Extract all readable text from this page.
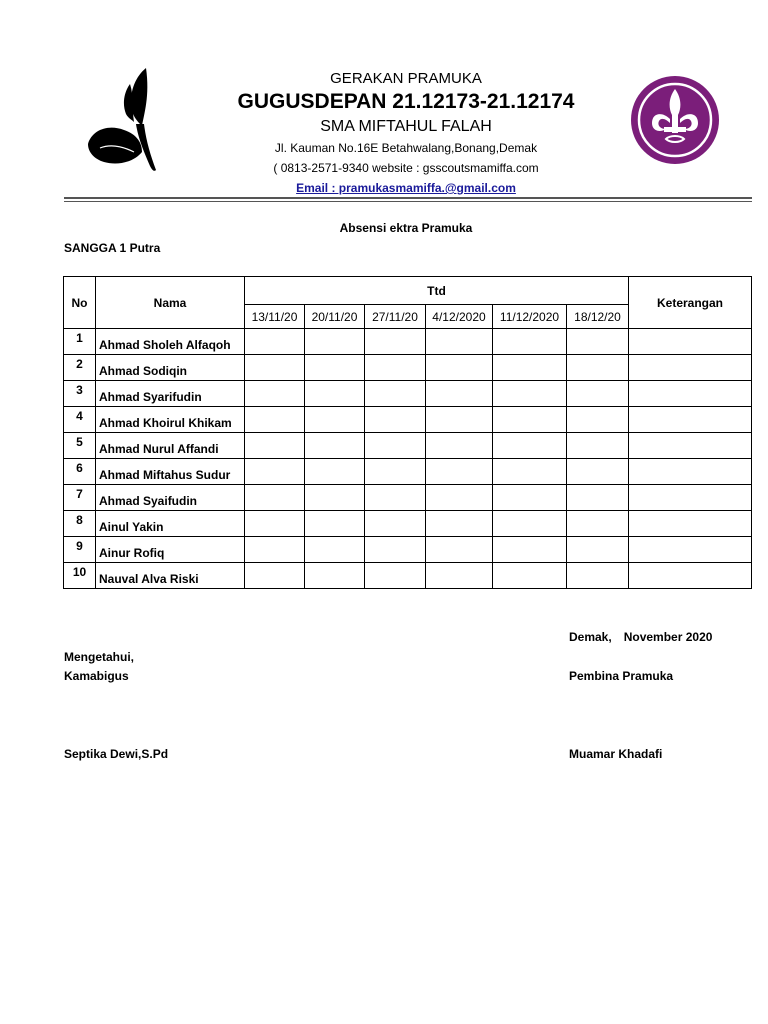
GERAKAN PRAMUKA
GUGUSDEPAN 21.12173-21.12174
SMA MIFTAHUL FALAH
Jl. Kauman No.16E Betahwalang,Bonang,Demak
( 0813-2571-9340 website : gsscoutsmamiffa.com
Email : pramukasmamiffa.@gmail.com
Absensi ektra Pramuka
SANGGA 1 Putra
No	Nama	Ttd						Keterangan
		13/11/20	20/11/20	27/11/20	4/12/2020	11/12/2020	18/12/20	
1	Ahmad Sholeh Alfaqoh							
2	Ahmad Sodiqin							
3	Ahmad Syarifudin							
4	Ahmad Khoirul Khikam							
5	Ahmad Nurul Affandi							
6	Ahmad Miftahus Sudur							
7	Ahmad Syaifudin							
8	Ainul Yakin							
9	Ainur Rofiq							
10	Nauval Alva Riski							
Demak, November 2020
Mengetahui,
Kamabigus	Pembina Pramuka
Septika Dewi,S.Pd	Muamar Khadafi
